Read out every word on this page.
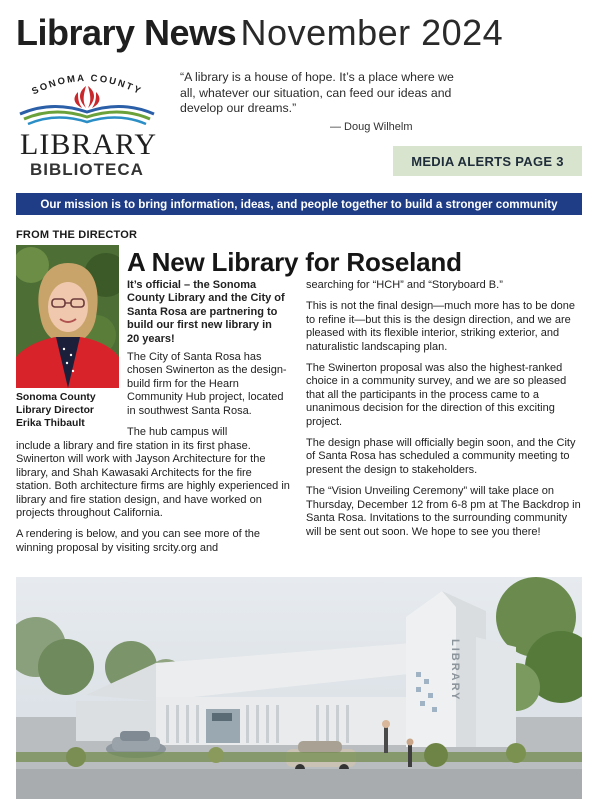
Library News November 2024
SONOMA COUNTY
LIBRARY
BIBLIOTECA
“A library is a house of hope. It’s a place where we all, whatever our situation, can feed our ideas and develop our dreams.”
— Doug Wilhelm
MEDIA ALERTS PAGE 3
Our mission is to bring information, ideas, and people together to build a stronger community
FROM THE DIRECTOR
Sonoma County
Library Director
Erika Thibault
A New Library for Roseland
It’s official – the Sonoma County Library and the City of Santa Rosa are partnering to build our first new library in 20 years!

The City of Santa Rosa has chosen Swinerton as the design-build firm for the Hearn Community Hub project, located in southwest Santa Rosa.

The hub campus will

include a library and fire station in its first phase. Swinerton will work with Jayson Architecture for the library, and Shah Kawasaki Architects for the fire station. Both architecture firms are highly experienced in library and fire station design, and have worked on projects throughout California.

A rendering is below, and you can see more of the winning proposal by visiting srcity.org and

searching for “HCH” and “Storyboard B.”

This is not the final design—much more has to be done to refine it—but this is the design direction, and we are pleased with its flexible interior, striking exterior, and naturalistic landscaping plan.

The Swinerton proposal was also the highest-ranked choice in a community survey, and we are so pleased that all the participants in the process came to a unanimous decision for the direction of this exciting project.

The design phase will officially begin soon, and the City of Santa Rosa has scheduled a community meeting to present the design to stakeholders.

The “Vision Unveiling Ceremony” will take place on Thursday, December 12 from 6-8 pm at The Backdrop in Santa Rosa. Invitations to the surrounding community will be sent out soon. We hope to see you there!

LIBRARY
